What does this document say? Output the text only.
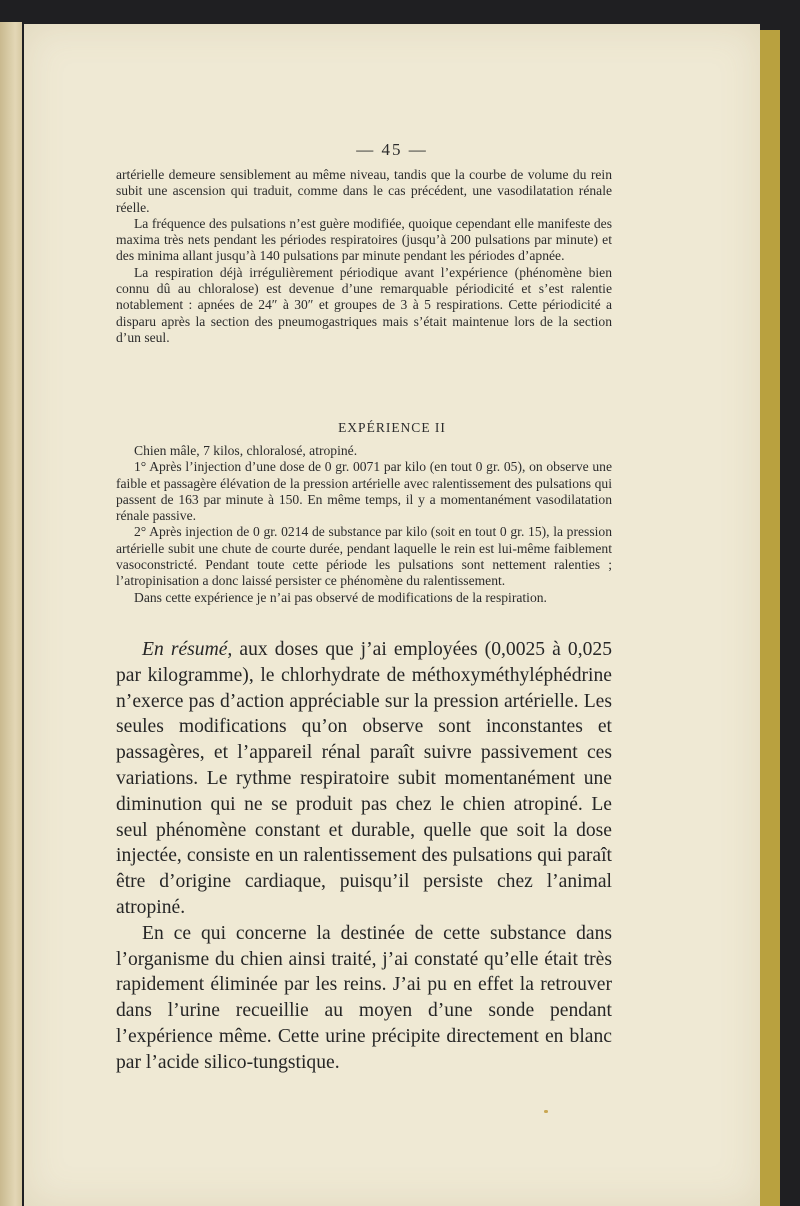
— 45 —

artérielle demeure sensiblement au même niveau, tandis que la courbe de volume du rein subit une ascension qui traduit, comme dans le cas précédent, une vasodilatation rénale réelle.

La fréquence des pulsations n’est guère modifiée, quoique cependant elle manifeste des maxima très nets pendant les périodes respiratoires (jusqu’à 200 pulsations par minute) et des minima allant jusqu’à 140 pulsations par minute pendant les périodes d’apnée.

La respiration déjà irrégulièrement périodique avant l’expérience (phénomène bien connu dû au chloralose) est devenue d’une remarquable périodicité et s’est ralentie notablement : apnées de 24″ à 30″ et groupes de 3 à 5 respirations. Cette périodicité a disparu après la section des pneumogastriques mais s’était maintenue lors de la section d’un seul.

EXPÉRIENCE II

Chien mâle, 7 kilos, chloralosé, atropiné.

1° Après l’injection d’une dose de 0 gr. 0071 par kilo (en tout 0 gr. 05), on observe une faible et passagère élévation de la pression artérielle avec ralentissement des pulsations qui passent de 163 par minute à 150. En même temps, il y a momentanément vasodilatation rénale passive.

2° Après injection de 0 gr. 0214 de substance par kilo (soit en tout 0 gr. 15), la pression artérielle subit une chute de courte durée, pendant laquelle le rein est lui-même faiblement vasoconstricté. Pendant toute cette période les pulsations sont nettement ralenties ; l’atropinisation a donc laissé persister ce phénomène du ralentissement.

Dans cette expérience je n’ai pas observé de modifications de la respiration.

En résumé, aux doses que j’ai employées (0,0025 à 0,025 par kilogramme), le chlorhydrate de méthoxyméthyléphédrine n’exerce pas d’action appréciable sur la pression artérielle. Les seules modifications qu’on observe sont inconstantes et passagères, et l’appareil rénal paraît suivre passivement ces variations. Le rythme respiratoire subit momentanément une diminution qui ne se produit pas chez le chien atropiné. Le seul phénomène constant et durable, quelle que soit la dose injectée, consiste en un ralentissement des pulsations qui paraît être d’origine cardiaque, puisqu’il persiste chez l’animal atropiné.

En ce qui concerne la destinée de cette substance dans l’organisme du chien ainsi traité, j’ai constaté qu’elle était très rapidement éliminée par les reins. J’ai pu en effet la retrouver dans l’urine recueillie au moyen d’une sonde pendant l’expérience même. Cette urine précipite directement en blanc par l’acide silico-tungstique.
